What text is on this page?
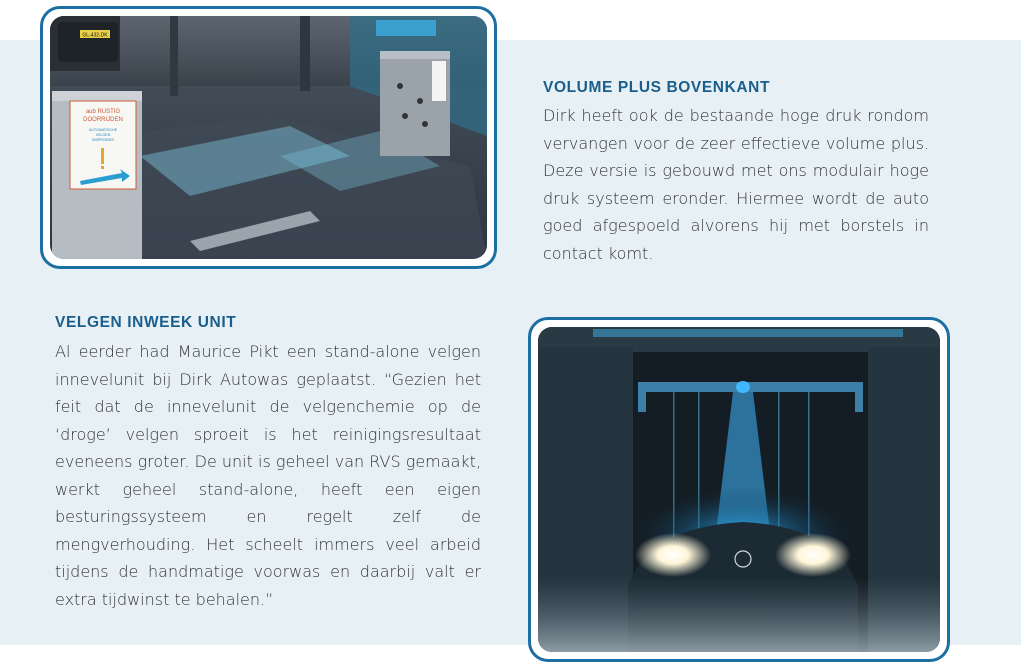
GL-432-DK
aub RUSTIG
DOORRIJDEN
AUTOMATISCHE
VELGEN
INSPROEIER
VOLUME PLUS BOVENKANT

Dirk heeft ook de bestaande hoge druk rondom vervangen voor de zeer effectieve volume plus. Deze versie is gebouwd met ons modulair hoge druk systeem eronder. Hiermee wordt de auto goed afgespoeld alvorens hij met borstels in contact komt.

VELGEN INWEEK UNIT

Al eerder had Maurice Pikt een stand-alone velgen innevelunit bij Dirk Autowas geplaatst. “Gezien het feit dat de innevelunit de velgenchemie op de ‘droge’ velgen sproeit is het reinigingsresultaat eveneens groter. De unit is geheel van RVS gemaakt, werkt geheel stand-alone, heeft een eigen besturingssysteem en regelt zelf de mengverhouding. Het scheelt immers veel arbeid tijdens de handmatige voorwas en daarbij valt er extra tijdwinst te behalen.”
